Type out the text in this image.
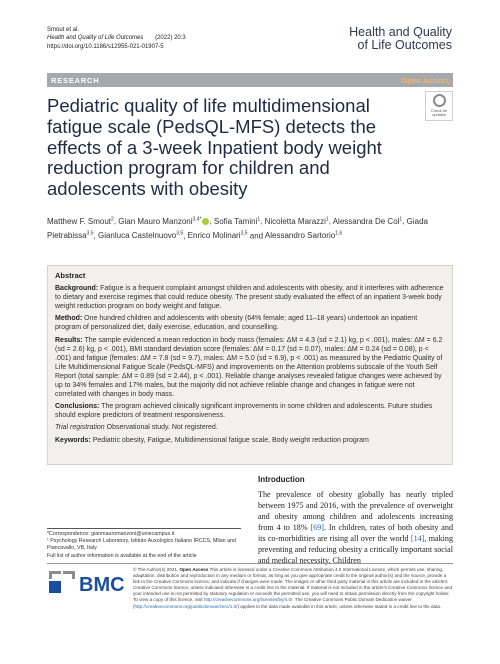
Smout et al.
Health and Quality of Life Outcomes (2022) 20:3
https://doi.org/10.1186/s12955-021-01907-5
Health and Quality
of Life Outcomes
RESEARCH	Open Access
Pediatric quality of life multidimensional fatigue scale (PedsQL-MFS) detects the effects of a 3-week Inpatient body weight reduction program for children and adolescents with obesity
Check for
updates
Matthew F. Smout$^2$, Gian Mauro Manzoni$^{3,4*}$ , Sofia Tamini$^1$, Nicoletta Marazzi$^1$, Alessandra De Col$^1$, Giada Pietrabissa$^{3,5}$, Gianluca Castelnuovo$^{3,5}$, Enrico Molinari$^{3,5}$ and Alessandro Sartorio$^{1,6}$
Abstract

Background: Fatigue is a frequent complaint amongst children and adolescents with obesity, and it interferes with adherence to dietary and exercise regimes that could reduce obesity. The present study evaluated the effect of an inpatient 3-week body weight reduction program on body weight and fatigue.

Method: One hundred children and adolescents with obesity (64% female; aged 11–18 years) undertook an inpatient program of personalized diet, daily exercise, education, and counselling.

Results: The sample evidenced a mean reduction in body mass (females: ΔM = 4.3 (sd = 2.1) kg, p < .001), males: ΔM = 6.2 (sd = 2.6) kg, p < .001), BMI standard deviation score (females: ΔM = 0.17 (sd = 0.07), males: ΔM = 0.24 (sd = 0.08), p < .001) and fatigue (females: ΔM = 7.8 (sd = 9.7), males: ΔM = 5.0 (sd = 6.9), p < .001) as measured by the Pediatric Quality of Life Multidimensional Fatigue Scale (PedsQL-MFS) and improvements on the Attention problems subscale of the Youth Self Report (total sample: ΔM = 0.89 (sd = 2.44), p < .001). Reliable change analyses revealed fatigue changes were achieved by up to 34% females and 17% males, but the majority did not achieve reliable change and changes in fatigue were not correlated with changes in body mass.

Conclusions: The program achieved clinically significant improvements in some children and adolescents. Future studies should explore predictors of treatment responsiveness.

Trial registration Observational study. Not registered.

Keywords: Pediatric obesity, Fatigue, Multidimensional fatigue scale, Body weight reduction program

Introduction
The prevalence of obesity globally has nearly tripled between 1975 and 2016, with the prevalence of overweight and obesity among children and adolescents increasing from 4 to 18% [69]. In children, rates of both obesity and its co-morbidities are rising all over the world [14], making preventing and reducing obesity a critically important social and medical necessity. Children
*Correspondence: gianmauromanzoni@uniecampus.it
¹ Psychology Research Laboratory, Istituto Auxologico Italiano IRCCS, Milan and Piancavallo, VB, Italy
Full list of author information is available at the end of the article
BMC
© The Author(s) 2021. Open Access This article is licensed under a Creative Commons Attribution 4.0 International License, which permits use, sharing, adaptation, distribution and reproduction in any medium or format, as long as you give appropriate credit to the original author(s) and the source, provide a link to the Creative Commons licence, and indicate if changes were made. The images or other third party material in this article are included in the article's Creative Commons licence, unless indicated otherwise in a credit line to the material. If material is not included in the article's Creative Commons licence and your intended use is not permitted by statutory regulation or exceeds the permitted use, you will need to obtain permission directly from the copyright holder. To view a copy of this licence, visit http://creativecommons.org/licenses/by/4.0/. The Creative Commons Public Domain Dedication waiver (http://creativecommons.org/publicdomain/zero/1.0/) applies to the data made available in this article, unless otherwise stated in a credit line to the data.
